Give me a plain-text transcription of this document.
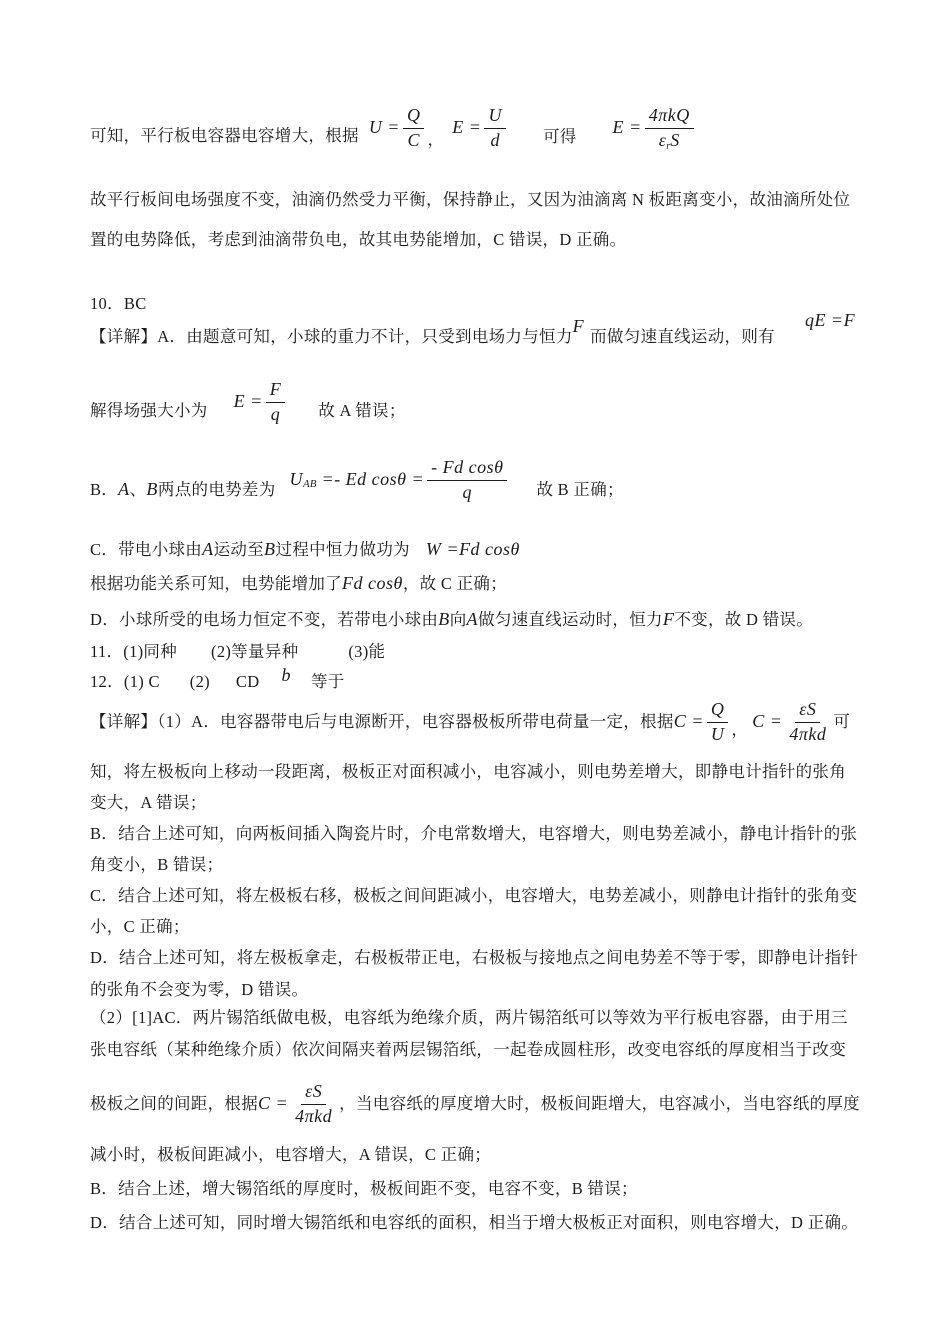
可知，平行板电容器电容增大，根据 $U = \frac{Q}{C}$ ，
$E = \frac{U}{d}$ 可得 $E = \frac{\text{4πkQ}}{\text{εrS}}$
故平行板间电场强度不变，油滴仍然受力平衡，保持静止，又因为油滴离 N 板距离变小，故油滴所处位
置的电势降低，考虑到油滴带负电，故其电势能增加，C 错误，D 正确。
10．BC
【详解】A．由题意可知，小球的重力不计，只受到电场力与恒力
F
而做匀速直线运动，则有
qE =F
解得场强大小为 $E = \frac{F}{q}$ 故 A 错误；
B． A 、 B 两点的电势差为
U AB =- Ed $\cos\theta = \frac{\text{- Fd cosθ}}{q}$ 故 B 正确；
C．带电小球由 A 运动至 B 过程中恒力做功为 W =Fd cosθ
根据功能关系可知，电势能增加了 Fd cosθ ，故 C 正确；
D．小球所受的电场力恒定不变，若带电小球由 B 向 A 做匀速直线运动时，恒力 F 不变，故 D 错误。
11．(1)同种 (2)等量异种	(3)能
12．(1) C (2) CD b 等于
【详解】（1）A．电容器带电后与电源断开，电容器极板所带电荷量一定，根据 $C = \frac{Q}{U}$ ， $C = \frac{\varepsilon S}{\text{4πkd}}$ 可
知，将左极板向上移动一段距离，极板正对面积减小，电容减小，则电势差增大，即静电计指针的张角
变大，A 错误；
B．结合上述可知，向两板间插入陶瓷片时，介电常数增大，电容增大，则电势差减小，静电计指针的张
角变小，B 错误；
C．结合上述可知，将左极板右移，极板之间间距减小，电容增大，电势差减小，则静电计指针的张角变
小，C 正确；
D．结合上述可知，将左极板拿走，右极板带正电，右极板与接地点之间电势差不等于零，即静电计指针
的张角不会变为零，D 错误。
（2）[1]AC．两片锡箔纸做电极，电容纸为绝缘介质，两片锡箔纸可以等效为平行板电容器，由于用三
张电容纸（某种绝缘介质）依次间隔夹着两层锡箔纸，一起卷成圆柱形，改变电容纸的厚度相当于改变
极板之间的间距，根据 $C = \frac{\varepsilon S}{\text{4πkd}}$ ，当电容纸的厚度增大时，极板间距增大，电容减小，当电容纸的厚度
减小时，极板间距减小，电容增大，A 错误，C 正确；
B．结合上述，增大锡箔纸的厚度时，极板间距不变，电容不变，B 错误；
D．结合上述可知，同时增大锡箔纸和电容纸的面积，相当于增大极板正对面积，则电容增大，D 正确。
